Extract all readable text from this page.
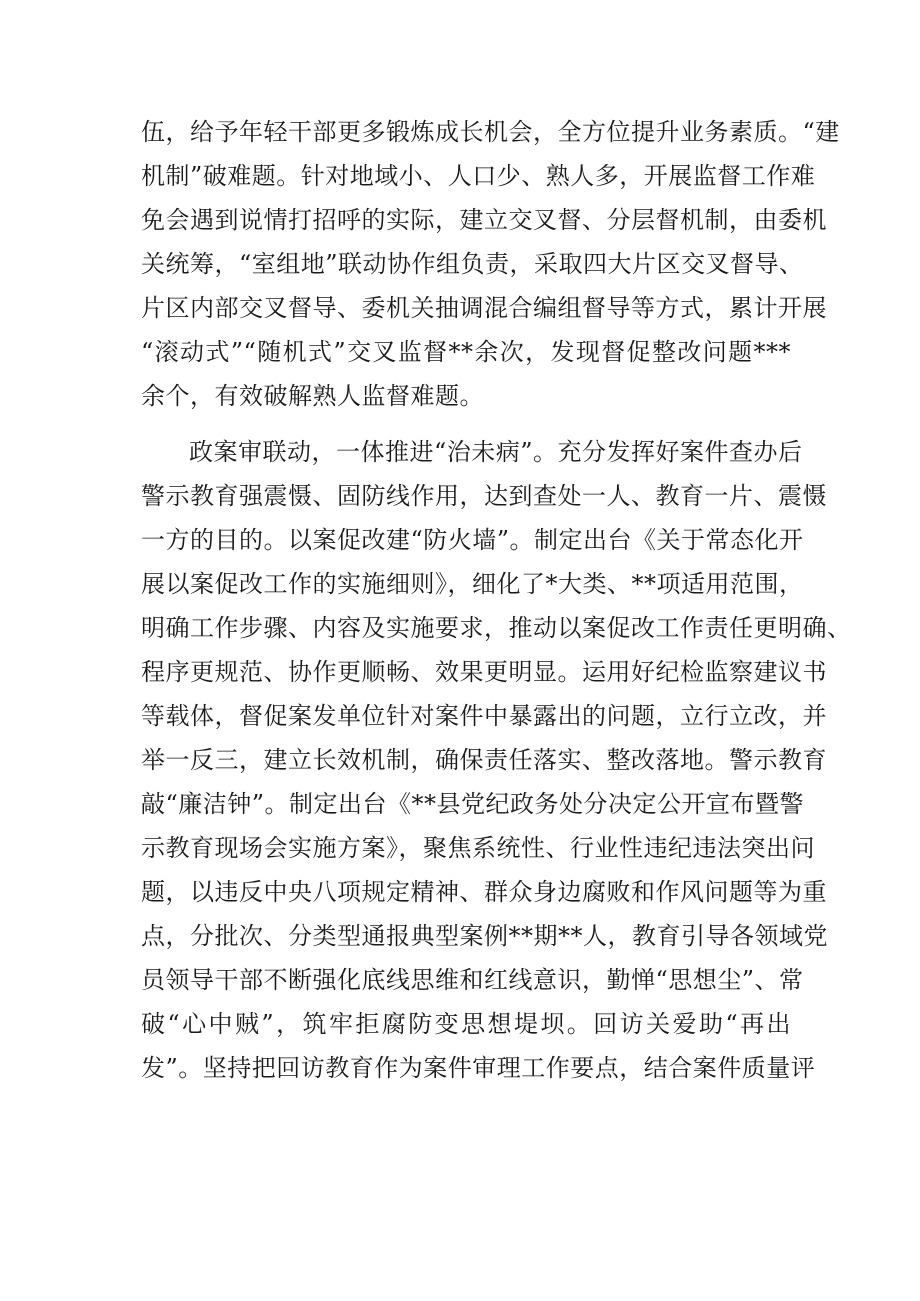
伍，给予年轻干部更多锻炼成长机会，全方位提升业务素质。“建
机制”破难题。针对地域小、人口少、熟人多，开展监督工作难
免会遇到说情打招呼的实际，建立交叉督、分层督机制，由委机
关统筹，“室组地”联动协作组负责，采取四大片区交叉督导、
片区内部交叉督导、委机关抽调混合编组督导等方式，累计开展
“滚动式”“随机式”交叉监督**余次，发现督促整改问题***
余个，有效破解熟人监督难题。
政案审联动，一体推进“治未病”。充分发挥好案件查办后
警示教育强震慑、固防线作用，达到查处一人、教育一片、震慑
一方的目的。以案促改建“防火墙”。制定出台《关于常态化开
展以案促改工作的实施细则》，细化了*大类、**项适用范围，
明确工作步骤、内容及实施要求，推动以案促改工作责任更明确、
程序更规范、协作更顺畅、效果更明显。运用好纪检监察建议书
等载体，督促案发单位针对案件中暴露出的问题，立行立改，并
举一反三，建立长效机制，确保责任落实、整改落地。警示教育
敲“廉洁钟”。制定出台《**县党纪政务处分决定公开宣布暨警
示教育现场会实施方案》，聚焦系统性、行业性违纪违法突出问
题，以违反中央八项规定精神、群众身边腐败和作风问题等为重
点，分批次、分类型通报典型案例**期**人，教育引导各领域党
员领导干部不断强化底线思维和红线意识，勤惮“思想尘”、常
破“心中贼”，筑牢拒腐防变思想堤坝。回访关爱助“再出
发”。坚持把回访教育作为案件审理工作要点，结合案件质量评
